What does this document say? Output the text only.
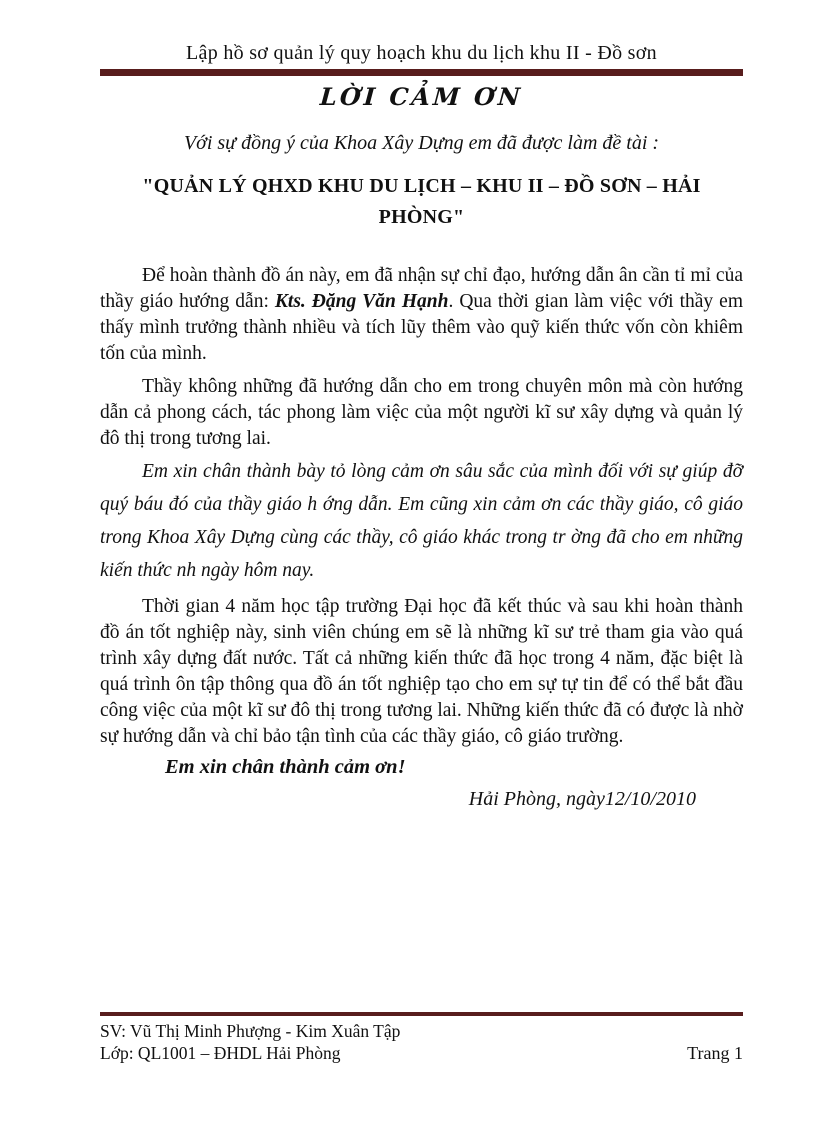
Lập hồ sơ quản lý quy hoạch khu du lịch khu II - Đồ sơn
LỜI CẢM ƠN

Với sự đồng ý của Khoa Xây Dựng em đã được làm đề tài :

"QUẢN LÝ QHXD KHU DU LỊCH – KHU II – ĐỒ SƠN – HẢI
PHÒNG"

Để hoàn thành đồ án này, em đã nhận sự chỉ đạo, hướng dẫn ân cần tỉ mỉ của thầy giáo hướng dẫn: Kts. Đặng Văn Hạnh. Qua thời gian làm việc với thầy em thấy mình trưởng thành nhiều và tích lũy thêm vào quỹ kiến thức vốn còn khiêm tốn của mình.

Thầy không những đã hướng dẫn cho em trong chuyên môn mà còn hướng dẫn cả phong cách, tác phong làm việc của một người kĩ sư xây dựng và quản lý đô thị trong tương lai.

Em xin chân thành bày tỏ lòng cảm ơn sâu sắc của mình đối với sự giúp đỡ quý báu đó của thầy giáo h ớng dẫn. Em cũng xin cảm ơn các thầy giáo, cô giáo trong Khoa Xây Dựng cùng các thầy, cô giáo khác trong tr ờng đã cho em những kiến thức nh ngày hôm nay.

Thời gian 4 năm học tập trường Đại học đã kết thúc và sau khi hoàn thành đồ án tốt nghiệp này, sinh viên chúng em sẽ là những kĩ sư trẻ tham gia vào quá trình xây dựng đất nước. Tất cả những kiến thức đã học trong 4 năm, đặc biệt là quá trình ôn tập thông qua đồ án tốt nghiệp tạo cho em sự tự tin để có thể bắt đầu công việc của một kĩ sư đô thị trong tương lai. Những kiến thức đã có được là nhờ sự hướng dẫn và chỉ bảo tận tình của các thầy giáo, cô giáo trường.

Em xin chân thành cảm ơn!

Hải Phòng, ngày12/10/2010

SV: Vũ Thị Minh Phượng - Kim Xuân Tập
Lớp: QL1001 – ĐHDL Hải Phòng	Trang 1
